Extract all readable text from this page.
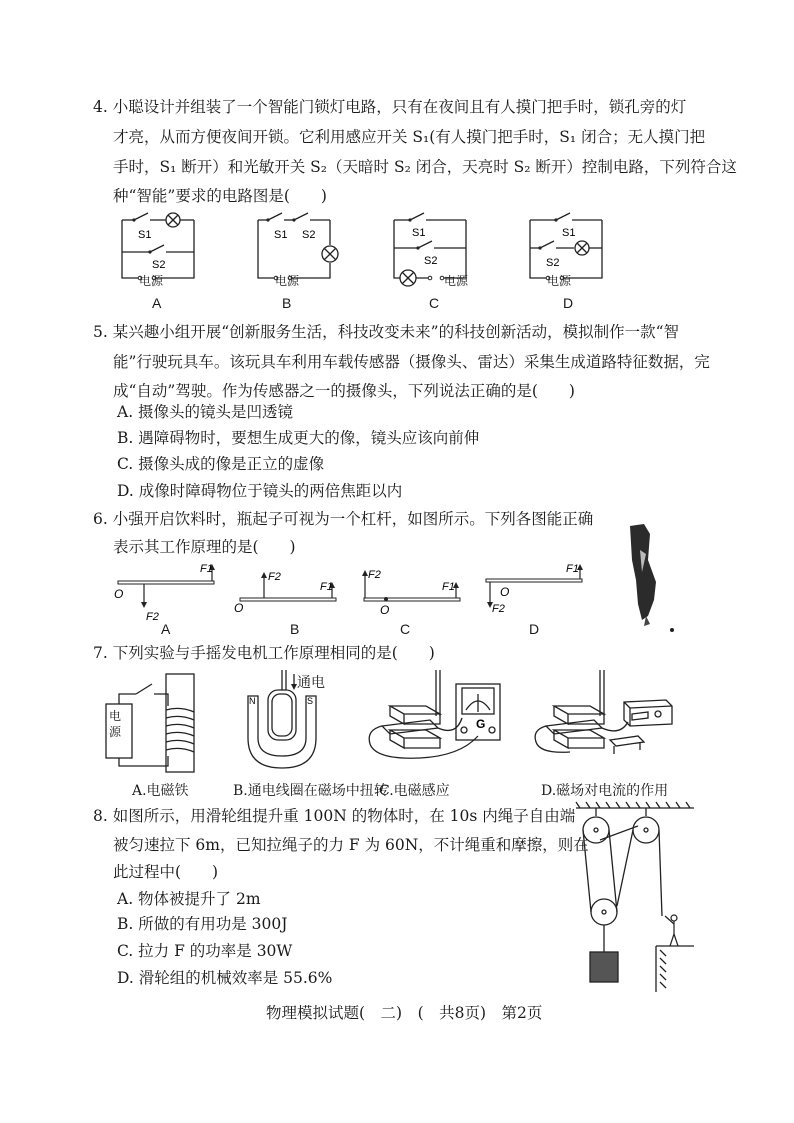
4. 小聪设计并组装了一个智能门锁灯电路，只有在夜间且有人摸门把手时，锁孔旁的灯
才亮，从而方便夜间开锁。它利用感应开关 S₁(有人摸门把手时，S₁ 闭合；无人摸门把
手时，S₁ 断开）和光敏开关 S₂（天暗时 S₂ 闭合，天亮时 S₂ 断开）控制电路，下列符合这
种“智能”要求的电路图是(　　)
S1
S2
电源
A
S1 S2
电源
B
S1
S2
电源
C
S1
S2
电源
D
5. 某兴趣小组开展“创新服务生活，科技改变未来”的科技创新活动，模拟制作一款“智
能”行驶玩具车。该玩具车利用车载传感器（摄像头、雷达）采集生成道路特征数据，完
成“自动”驾驶。作为传感器之一的摄像头，下列说法正确的是(　　)
A. 摄像头的镜头是凹透镜
B. 遇障碍物时，要想生成更大的像，镜头应该向前伸
C. 摄像头成的像是正立的虚像
D. 成像时障碍物位于镜头的两倍焦距以内
6. 小强开启饮料时，瓶起子可视为一个杠杆，如图所示。下列各图能正确
表示其工作原理的是(　　)
F1
F2
O
A
F2
F1
O
B
F2
F1
O
C
F1
F2
O
D
7. 下列实验与手摇发电机工作原理相同的是(　　)
电源
A.电磁铁
N	S
通电
B.通电线圈在磁场中扭转
G
C.电磁感应	D.磁场对电流的作用
8. 如图所示，用滑轮组提升重 100N 的物体时，在 10s 内绳子自由端
被匀速拉下 6m，已知拉绳子的力 F 为 60N，不计绳重和摩擦，则在
此过程中(　　)
A. 物体被提升了 2m
B. 所做的有用功是 300J
C. 拉力 F 的功率是 30W
D. 滑轮组的机械效率是 55.6%
物理模拟试题(　二)　(　共8页)　第2页
